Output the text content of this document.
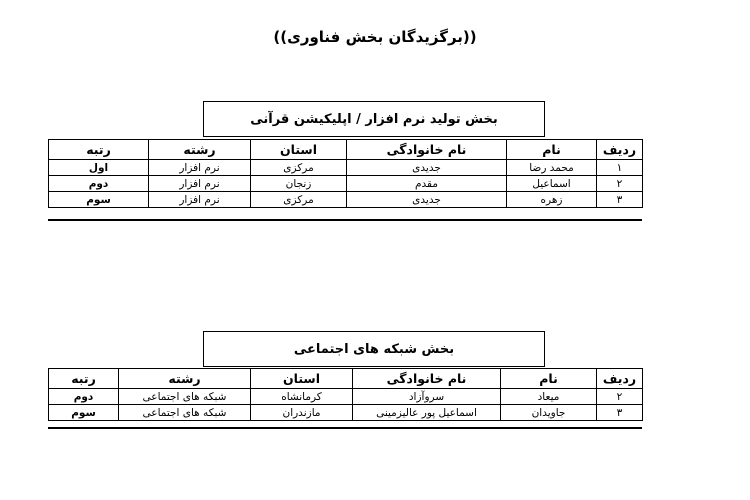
((برگزیدگان بخش فناوری))
بخش تولید نرم افزار / اپلیکیشن قرآنی
ردیف	نام	نام خانوادگی	استان	رشته	رتبه
۱	محمد رضا	جدیدی	مرکزی	نرم افزار	اول
۲	اسماعیل	مقدم	زنجان	نرم افزار	دوم
۳	زهره	جدیدی	مرکزی	نرم افزار	سوم
بخش شبکه های اجتماعی
ردیف	نام	نام خانوادگی	استان	رشته	رتبه
۲	میعاد	سروآزاد	کرمانشاه	شبکه های اجتماعی	دوم
۳	جاویدان	اسماعیل پور عالیزمینی	مازندران	شبکه های اجتماعی	سوم
